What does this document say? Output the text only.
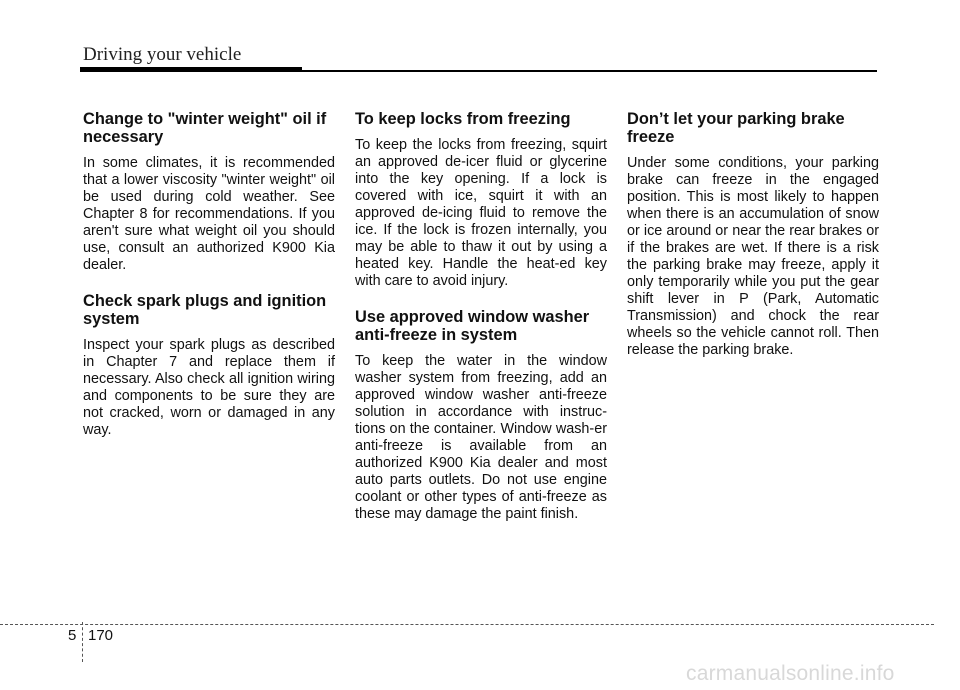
Driving your vehicle
Change to "winter weight" oil if necessary

In some climates, it is recommended that a lower viscosity "winter weight" oil be used during cold weather. See Chapter 8 for recommendations. If you aren't sure what weight oil you should use, consult an authorized K900 Kia dealer.

Check spark plugs and ignition system

Inspect your spark plugs as described in Chapter 7 and replace them if necessary. Also check all ignition wiring and components to be sure they are not cracked, worn or damaged in any way.

To keep locks from freezing

To keep the locks from freezing, squirt an approved de-icer fluid or glycerine into the key opening. If a lock is covered with ice, squirt it with an approved de-icing fluid to remove the ice. If the lock is frozen internally, you may be able to thaw it out by using a heated key. Handle the heat-ed key with care to avoid injury.

Use approved window washer anti-freeze in system

To keep the water in the window washer system from freezing, add an approved window washer anti-freeze solution in accordance with instruc-tions on the container. Window wash-er anti-freeze is available from an authorized K900 Kia dealer and most auto parts outlets. Do not use engine coolant or other types of anti-freeze as these may damage the paint finish.

Don’t let your parking brake freeze

Under some conditions, your parking brake can freeze in the engaged position. This is most likely to happen when there is an accumulation of snow or ice around or near the rear brakes or if the brakes are wet. If there is a risk the parking brake may freeze, apply it only temporarily while you put the gear shift lever in P (Park, Automatic Transmission) and chock the rear wheels so the vehicle cannot roll. Then release the parking brake.

5 170
carmanualsonline.info
